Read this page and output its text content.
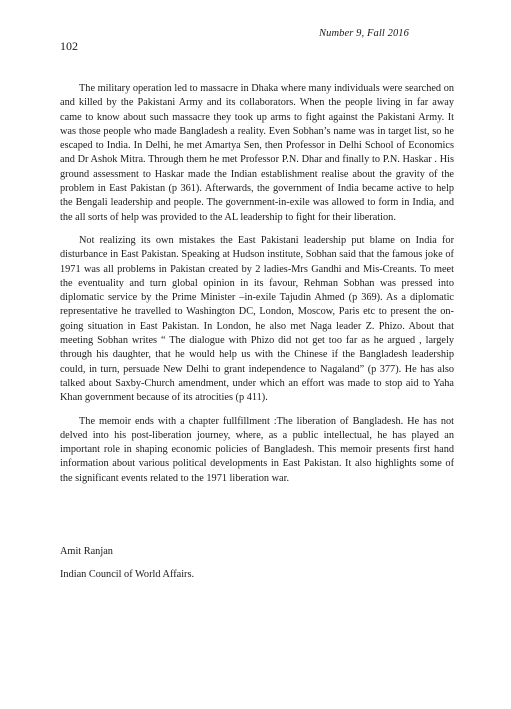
Number 9, Fall 2016
102

The military operation led to massacre in Dhaka where many individuals were searched on and killed by the Pakistani Army and its collaborators. When the people living in far away came to know about such massacre they took up arms to fight against the Pakistani Army. It was those people who made Bangladesh a reality. Even Sobhan’s name was in target list, so he escaped to India. In Delhi, he met Amartya Sen, then Professor in Delhi School of Economics and Dr Ashok Mitra. Through them he met Professor P.N. Dhar and finally to P.N. Haskar . His ground assessment to Haskar made the Indian establishment realise about the gravity of the problem in East Pakistan (p 361). Afterwards, the government of India became active to help the Bengali leadership and people. The government-in-exile was allowed to form in India, and the all sorts of help was provided to the AL leadership to fight for their liberation.

Not realizing its own mistakes the East Pakistani leadership put blame on India for disturbance in East Pakistan. Speaking at Hudson institute, Sobhan said that the famous joke of 1971 was all problems in Pakistan created by 2 ladies-Mrs Gandhi and Mis-Creants. To meet the eventuality and turn global opinion in its favour, Rehman Sobhan was pressed into diplomatic service by the Prime Minister –in-exile Tajudin Ahmed (p 369). As a diplomatic representative he travelled to Washington DC, London, Moscow, Paris etc to present the on-going situation in East Pakistan. In London, he also met Naga leader Z. Phizo. About that meeting Sobhan writes “ The dialogue with Phizo did not get too far as he argued , largely through his daughter, that he would help us with the Chinese if the Bangladesh leadership could, in turn, persuade New Delhi to grant independence to Nagaland” (p 377). He has also talked about Saxby-Church amendment, under which an effort was made to stop aid to Yaha Khan government because of its atrocities (p 411).

The memoir ends with a chapter fullfillment :The liberation of Bangladesh. He has not delved into his post-liberation journey, where, as a public intellectual, he has played an important role in shaping economic policies of Bangladesh. This memoir presents first hand information about various political developments in East Pakistan. It also highlights some of the significant events related to the 1971 liberation war.

Amit Ranjan
Indian Council of World Affairs.
